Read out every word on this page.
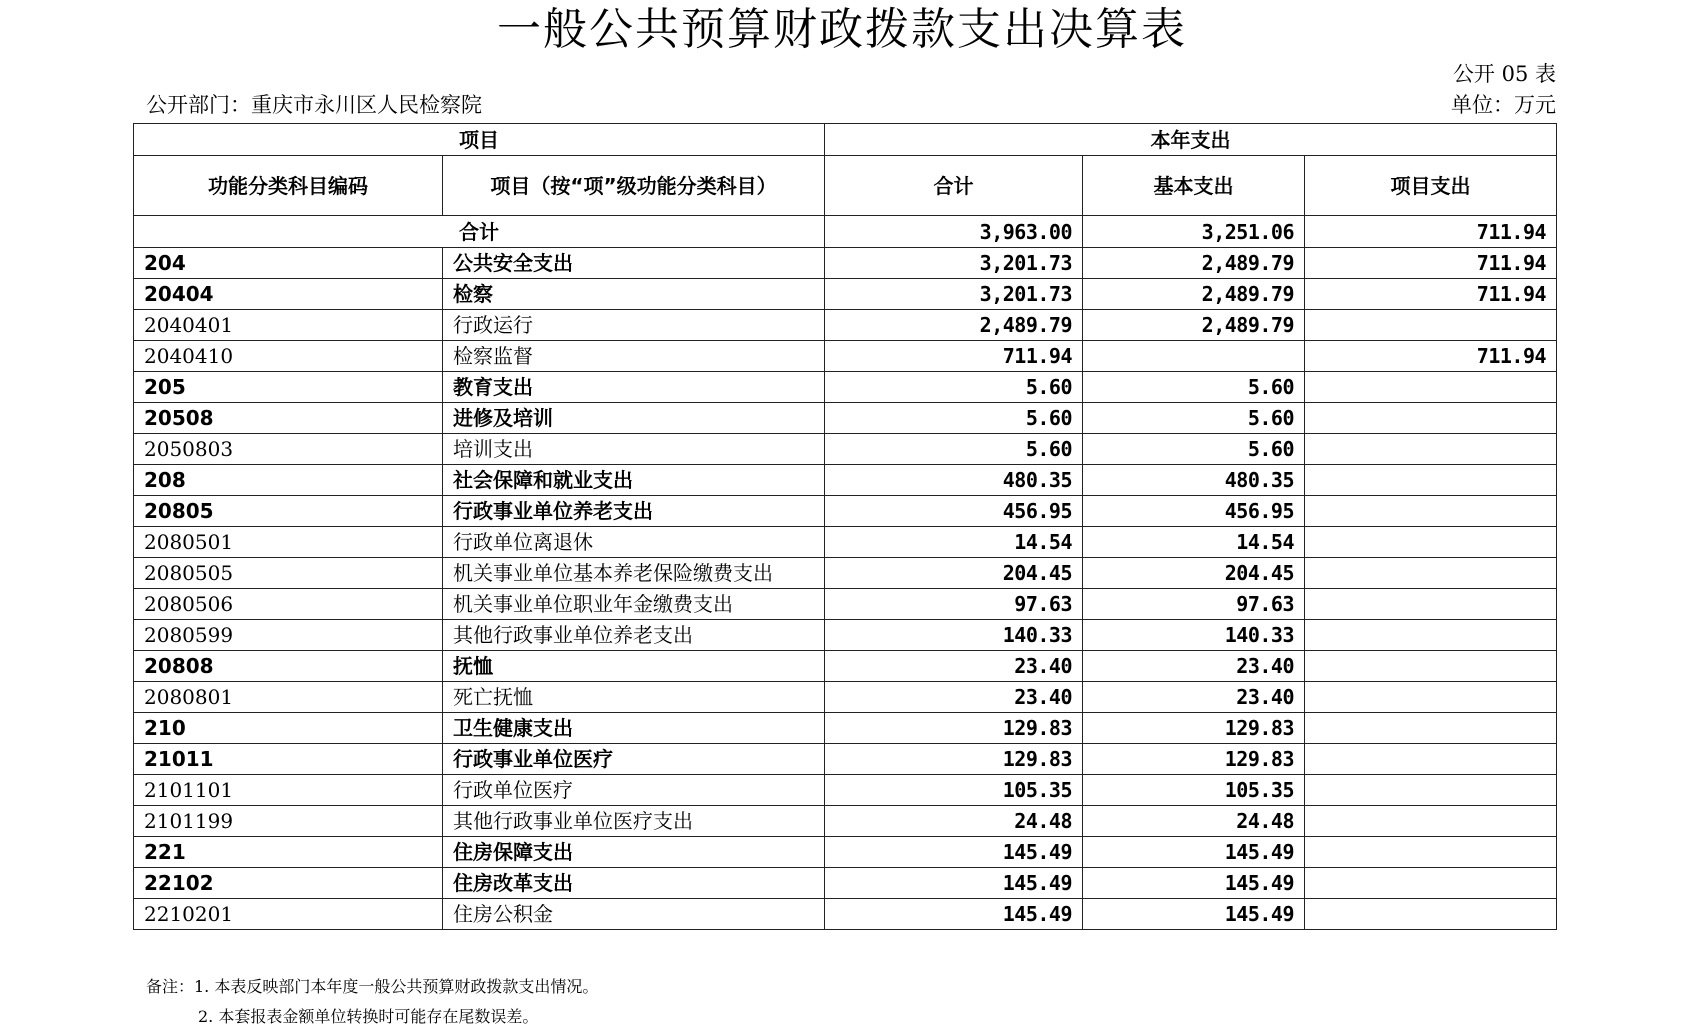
一般公共预算财政拨款支出决算表
公开 05 表
公开部门：重庆市永川区人民检察院	单位：万元
项目		本年支出		
功能分类科目编码	项目（按“项”级功能分类科目）	合计	基本支出	项目支出
合计		3,963.00	3,251.06	711.94
204	公共安全支出	3,201.73	2,489.79	711.94
20404	检察	3,201.73	2,489.79	711.94
2040401	行政运行	2,489.79	2,489.79	
2040410	检察监督	711.94		711.94
205	教育支出	5.60	5.60	
20508	进修及培训	5.60	5.60	
2050803	培训支出	5.60	5.60	
208	社会保障和就业支出	480.35	480.35	
20805	行政事业单位养老支出	456.95	456.95	
2080501	行政单位离退休	14.54	14.54	
2080505	机关事业单位基本养老保险缴费支出	204.45	204.45	
2080506	机关事业单位职业年金缴费支出	97.63	97.63	
2080599	其他行政事业单位养老支出	140.33	140.33	
20808	抚恤	23.40	23.40	
2080801	死亡抚恤	23.40	23.40	
210	卫生健康支出	129.83	129.83	
21011	行政事业单位医疗	129.83	129.83	
2101101	行政单位医疗	105.35	105.35	
2101199	其他行政事业单位医疗支出	24.48	24.48	
221	住房保障支出	145.49	145.49	
22102	住房改革支出	145.49	145.49	
2210201	住房公积金	145.49	145.49	
备注：1. 本表反映部门本年度一般公共预算财政拨款支出情况。
2. 本套报表金额单位转换时可能存在尾数误差。
